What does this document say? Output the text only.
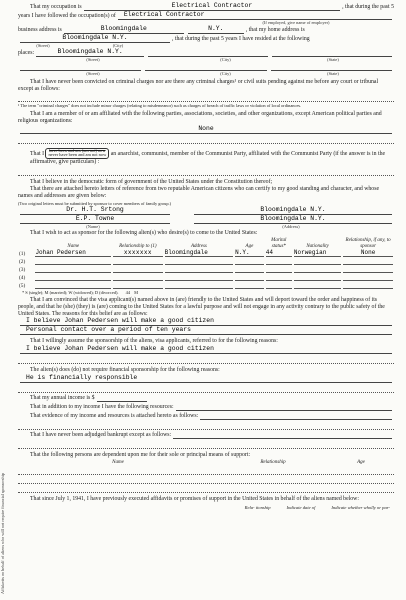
Affidavits on behalf of aliens who will not require financial sponsorship
That my occupation is	Electrical Contractor	, that during the past 5
years I have followed the occupation(s) of	Electrical Contractor
(If employed, give name of employer)
business address is	Bloomingdale	N.Y.	, that my home address is
Bloomingdale N.Y.	, that during the past 5 years I have resided at the following
(Street)	(City)
places:	Bloomingdale N.Y.
(Street)	(City)	(State)
(Street)	(City)	(State)

That I have never been convicted on criminal charges nor are there any criminal charges¹ or civil suits pending against me before any court or tribunal except as follows:

¹ The term "criminal charges" does not include minor charges (relating to misdemeanor) such as charges of breach of traffic laws or violation of local ordinances.

That I am a member of or am affiliated with the following parties, associations, societies, and other organizations, except American political parties and religious organizations:

None

That I have been and am (am not) now
never have been and am not now an anarchist, communist, member of the Communist Party, affiliated with the Communist Party (if the answer is in the affirmative, give particulars) :

That I believe in the democratic form of government of the United States under the Constitution thereof;

That there are attached hereto letters of reference from two reputable American citizens who can certify to my good standing and character, and whose names and addresses are given below:

(Two original letters must be submitted by sponsor to cover members of family group.)

Dr. H.T. Srtong	Bloomingdale N.Y.
E.P. Towne	Bloomingdale N.Y.
(Name)	(Address)

That I wish to act as sponsor for the following alien(s) who desire(s) to come to the United States:

	Name	Relationship to (1)	Address	Age	Marital status*	Nationality	Relationship, if any, to sponsor
(1)	Johan Pedersen	xxxxxxx	Bloomingdale	N.Y.	44	Norwegian	None

(2)	

(3)	

(4)	

(5)	

* S (single); M (married); W (widowed); D (divorced). 44 M

That I am convinced that the visa applicant(s) named above in (are) friendly to the United States and will deport toward the order and happiness of its people, and that he (she) (they) is (are) coming to the United States for a lawful purpose and will not engage in any activity contrary to the public safety of the United States. The reasons for this belief are as follows:

I believe Johan Pedersen will make a good citizen
Personal contact over a period of ten years

That I willingly assume the sponsorship of the aliens, visa applicants, referred to for the following reasons:

I believe Johan Pedersen will make a good citizen

The alien(s) does (do) not require financial sponsorship for the following reasons:

He is financially responsible
That my annual income is $
That in addition to my income I have the following resources:
That evidence of my income and resources is attached hereto as follows:
That I have never been adjudged bankrupt except as follows:

That the following persons are dependent upon me for their sole or principal means of support:

Name	Relationship	Age

That since July 1, 1941, I have previously executed affidavits or promises of support in the United States in behalf of the aliens named below:

Rela- tionship	Indicate date of	Indicate whether wholly or par-
